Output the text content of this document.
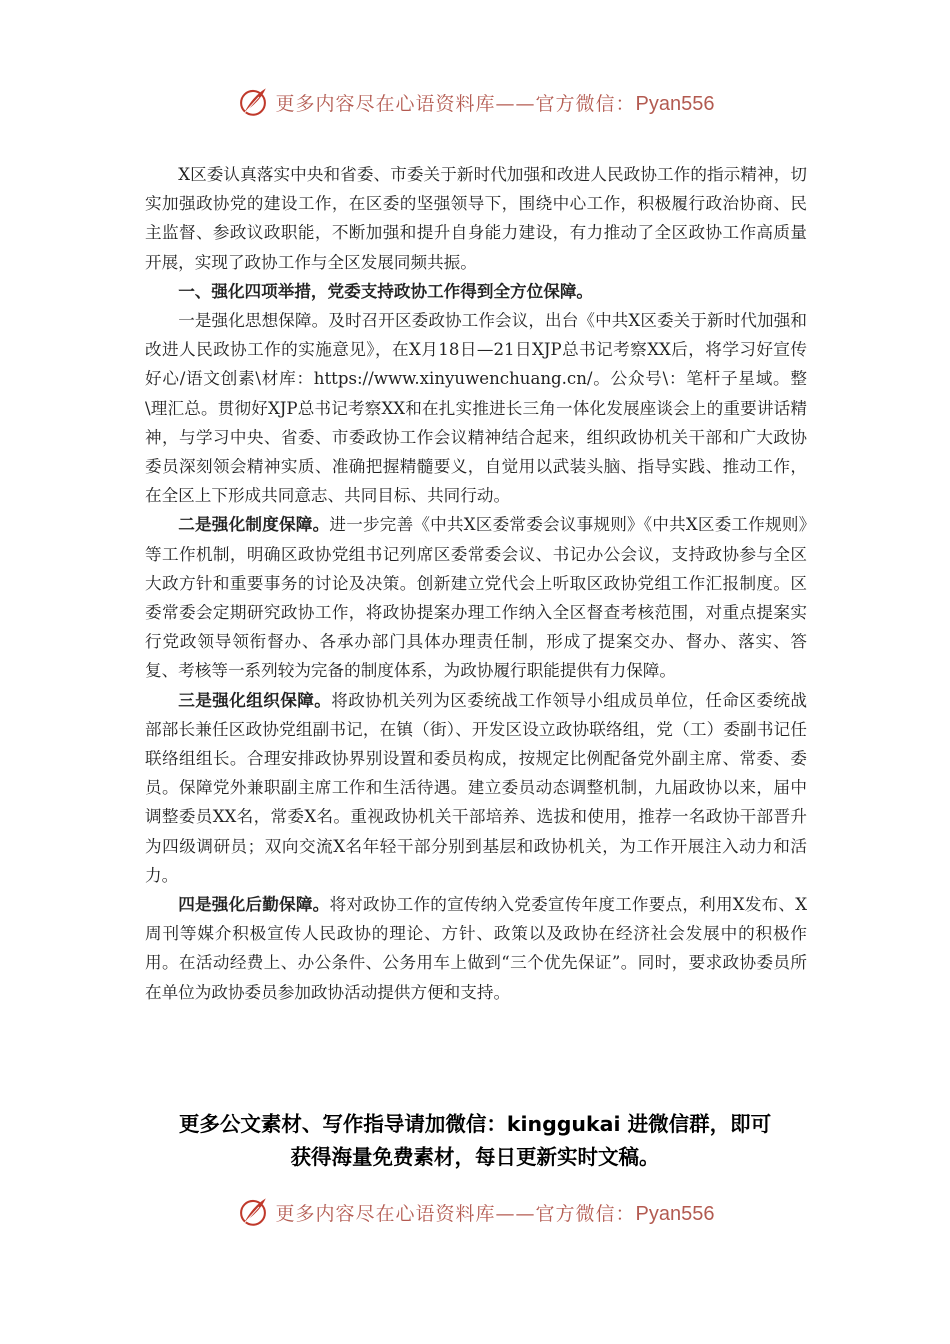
更多内容尽在心语资料库——官方微信：Pyan556

X区委认真落实中央和省委、市委关于新时代加强和改进人民政协工作的指示精神，切实加强政协党的建设工作，在区委的坚强领导下，围绕中心工作，积极履行政治协商、民主监督、参政议政职能，不断加强和提升自身能力建设，有力推动了全区政协工作高质量开展，实现了政协工作与全区发展同频共振。

一、强化四项举措，党委支持政协工作得到全方位保障。

一是强化思想保障。及时召开区委政协工作会议，出台《中共X区委关于新时代加强和改进人民政协工作的实施意见》，在X月18日—21日XJP总书记考察XX后，将学习好宣传好心/语文创素\材库：https://www.xinyuwenchuang.cn/。公众号\：笔杆子星域。整\理汇总。贯彻好XJP总书记考察XX和在扎实推进长三角一体化发展座谈会上的重要讲话精神，与学习中央、省委、市委政协工作会议精神结合起来，组织政协机关干部和广大政协委员深刻领会精神实质、准确把握精髓要义，自觉用以武装头脑、指导实践、推动工作，在全区上下形成共同意志、共同目标、共同行动。

二是强化制度保障。进一步完善《中共X区委常委会议事规则》《中共X区委工作规则》等工作机制，明确区政协党组书记列席区委常委会议、书记办公会议，支持政协参与全区大政方针和重要事务的讨论及决策。创新建立党代会上听取区政协党组工作汇报制度。区委常委会定期研究政协工作，将政协提案办理工作纳入全区督查考核范围，对重点提案实行党政领导领衔督办、各承办部门具体办理责任制，形成了提案交办、督办、落实、答复、考核等一系列较为完备的制度体系，为政协履行职能提供有力保障。

三是强化组织保障。将政协机关列为区委统战工作领导小组成员单位，任命区委统战部部长兼任区政协党组副书记，在镇（街）、开发区设立政协联络组，党（工）委副书记任联络组组长。合理安排政协界别设置和委员构成，按规定比例配备党外副主席、常委、委员。保障党外兼职副主席工作和生活待遇。建立委员动态调整机制，九届政协以来，届中调整委员XX名，常委X名。重视政协机关干部培养、选拔和使用，推荐一名政协干部晋升为四级调研员；双向交流X名年轻干部分别到基层和政协机关，为工作开展注入动力和活力。

四是强化后勤保障。将对政协工作的宣传纳入党委宣传年度工作要点，利用X发布、X周刊等媒介积极宣传人民政协的理论、方针、政策以及政协在经济社会发展中的积极作用。在活动经费上、办公条件、公务用车上做到“三个优先保证”。同时，要求政协委员所在单位为政协委员参加政协活动提供方便和支持。

更多公文素材、写作指导请加微信：kinggukai 进微信群，即可
获得海量免费素材，每日更新实时文稿。
更多内容尽在心语资料库——官方微信：Pyan556
